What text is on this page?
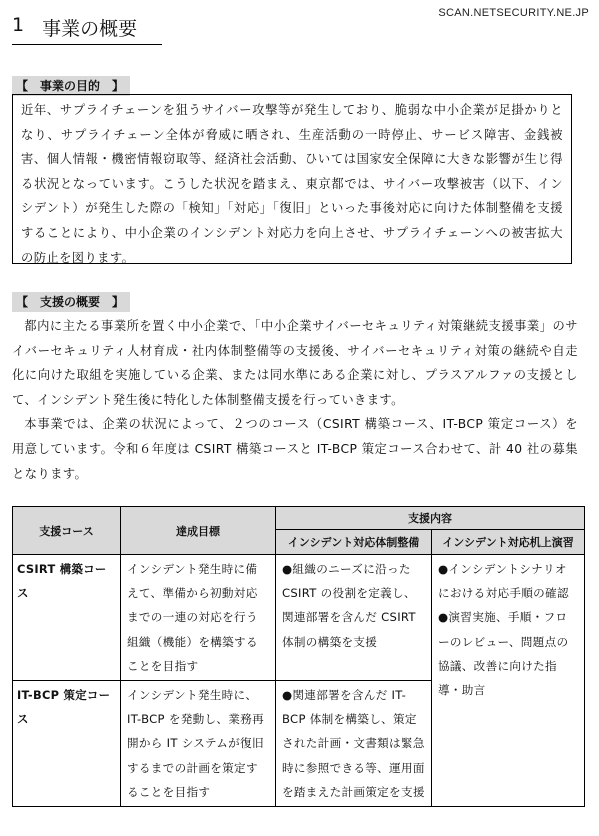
SCAN.NETSECURITY.NE.JP
1 事業の概要
【　事業の目的　】
近年、サプライチェーンを狙うサイバー攻撃等が発生しており、脆弱な中小企業が足掛かりとなり、サプライチェーン全体が脅威に晒され、生産活動の一時停止、サービス障害、金銭被害、個人情報・機密情報窃取等、経済社会活動、ひいては国家安全保障に大きな影響が生じ得る状況となっています。こうした状況を踏まえ、東京都では、サイバー攻撃被害（以下、インシデント）が発生した際の「検知」「対応」「復旧」といった事後対応に向けた体制整備を支援することにより、中小企業のインシデント対応力を向上させ、サプライチェーンへの被害拡大の防止を図ります。
【　支援の概要　】

都内に主たる事業所を置く中小企業で、「中小企業サイバーセキュリティ対策継続支援事業」のサイバーセキュリティ人材育成・社内体制整備等の支援後、サイバーセキュリティ対策の継続や自走化に向けた取組を実施している企業、または同水準にある企業に対し、プラスアルファの支援として、インシデント発生後に特化した体制整備支援を行っていきます。

本事業では、企業の状況によって、２つのコース（CSIRT 構築コース、IT-BCP 策定コース）を用意しています。令和６年度は CSIRT 構築コースと IT-BCP 策定コース合わせて、計 40 社の募集となります。

支援コース	達成目標	支援内容	
		インシデント対応体制整備	インシデント対応机上演習
CSIRT 構築コース	インシデント発生時に備えて、準備から初動対応までの一連の対応を行う組織（機能）を構築することを目指す	●組織のニーズに沿った CSIRT の役割を定義し、関連部署を含んだ CSIRT 体制の構築を支援	●インシデントシナリオにおける対応手順の確認
●演習実施、手順・フローのレビュー、問題点の協議、改善に向けた指導・助言
IT-BCP 策定コース	インシデント発生時に、IT-BCP を発動し、業務再開から IT システムが復旧するまでの計画を策定することを目指す	●関連部署を含んだ IT-BCP 体制を構築し、策定された計画・文書類は緊急時に参照できる等、運用面を踏まえた計画策定を支援	
